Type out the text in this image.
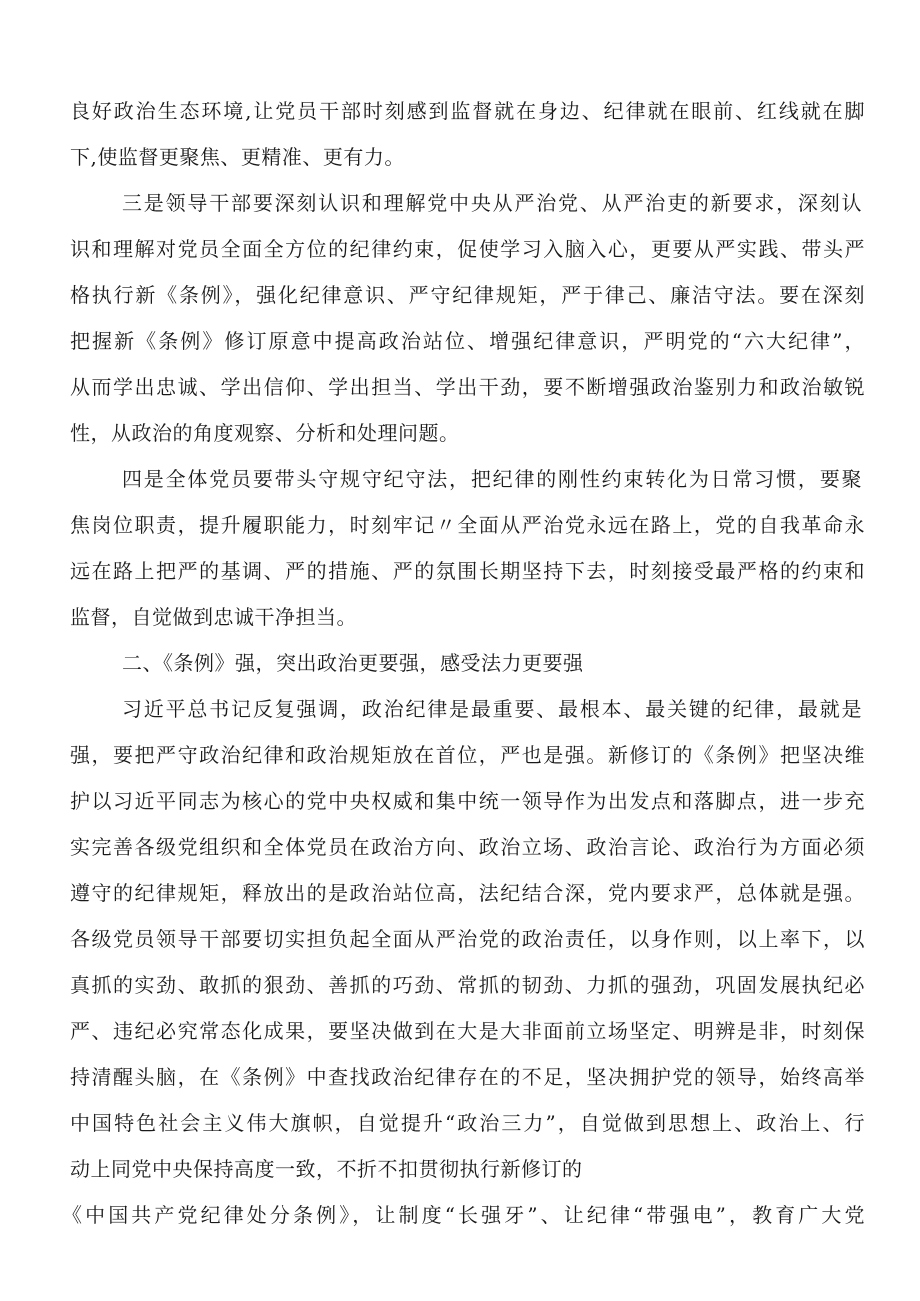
良好政治生态环境,让党员干部时刻感到监督就在身边、纪律就在眼前、红线就在脚
下,使监督更聚焦、更精准、更有力。
三是领导干部要深刻认识和理解党中央从严治党、从严治吏的新要求，深刻认
识和理解对党员全面全方位的纪律约束，促使学习入脑入心，更要从严实践、带头严
格执行新《条例》，强化纪律意识、严守纪律规矩，严于律己、廉洁守法。要在深刻
把握新《条例》修订原意中提高政治站位、增强纪律意识，严明党的“六大纪律”，
从而学出忠诚、学出信仰、学出担当、学出干劲，要不断增强政治鉴别力和政治敏锐
性，从政治的角度观察、分析和处理问题。
四是全体党员要带头守规守纪守法，把纪律的刚性约束转化为日常习惯，要聚
焦岗位职责，提升履职能力，时刻牢记〃全面从严治党永远在路上，党的自我革命永
远在路上把严的基调、严的措施、严的氛围长期坚持下去，时刻接受最严格的约束和
监督，自觉做到忠诚干净担当。
二、《条例》强，突出政治更要强，感受法力更要强
习近平总书记反复强调，政治纪律是最重要、最根本、最关键的纪律，最就是
强，要把严守政治纪律和政治规矩放在首位，严也是强。新修订的《条例》把坚决维
护以习近平同志为核心的党中央权威和集中统一领导作为出发点和落脚点，进一步充
实完善各级党组织和全体党员在政治方向、政治立场、政治言论、政治行为方面必须
遵守的纪律规矩，释放出的是政治站位高，法纪结合深，党内要求严，总体就是强。
各级党员领导干部要切实担负起全面从严治党的政治责任，以身作则，以上率下，以
真抓的实劲、敢抓的狠劲、善抓的巧劲、常抓的韧劲、力抓的强劲，巩固发展执纪必
严、违纪必究常态化成果，要坚决做到在大是大非面前立场坚定、明辨是非，时刻保
持清醒头脑，在《条例》中查找政治纪律存在的不足，坚决拥护党的领导，始终高举
中国特色社会主义伟大旗帜，自觉提升“政治三力”，自觉做到思想上、政治上、行
动上同党中央保持高度一致，不折不扣贯彻执行新修订的
《中国共产党纪律处分条例》，让制度“长强牙”、让纪律“带强电”，教育广大党
